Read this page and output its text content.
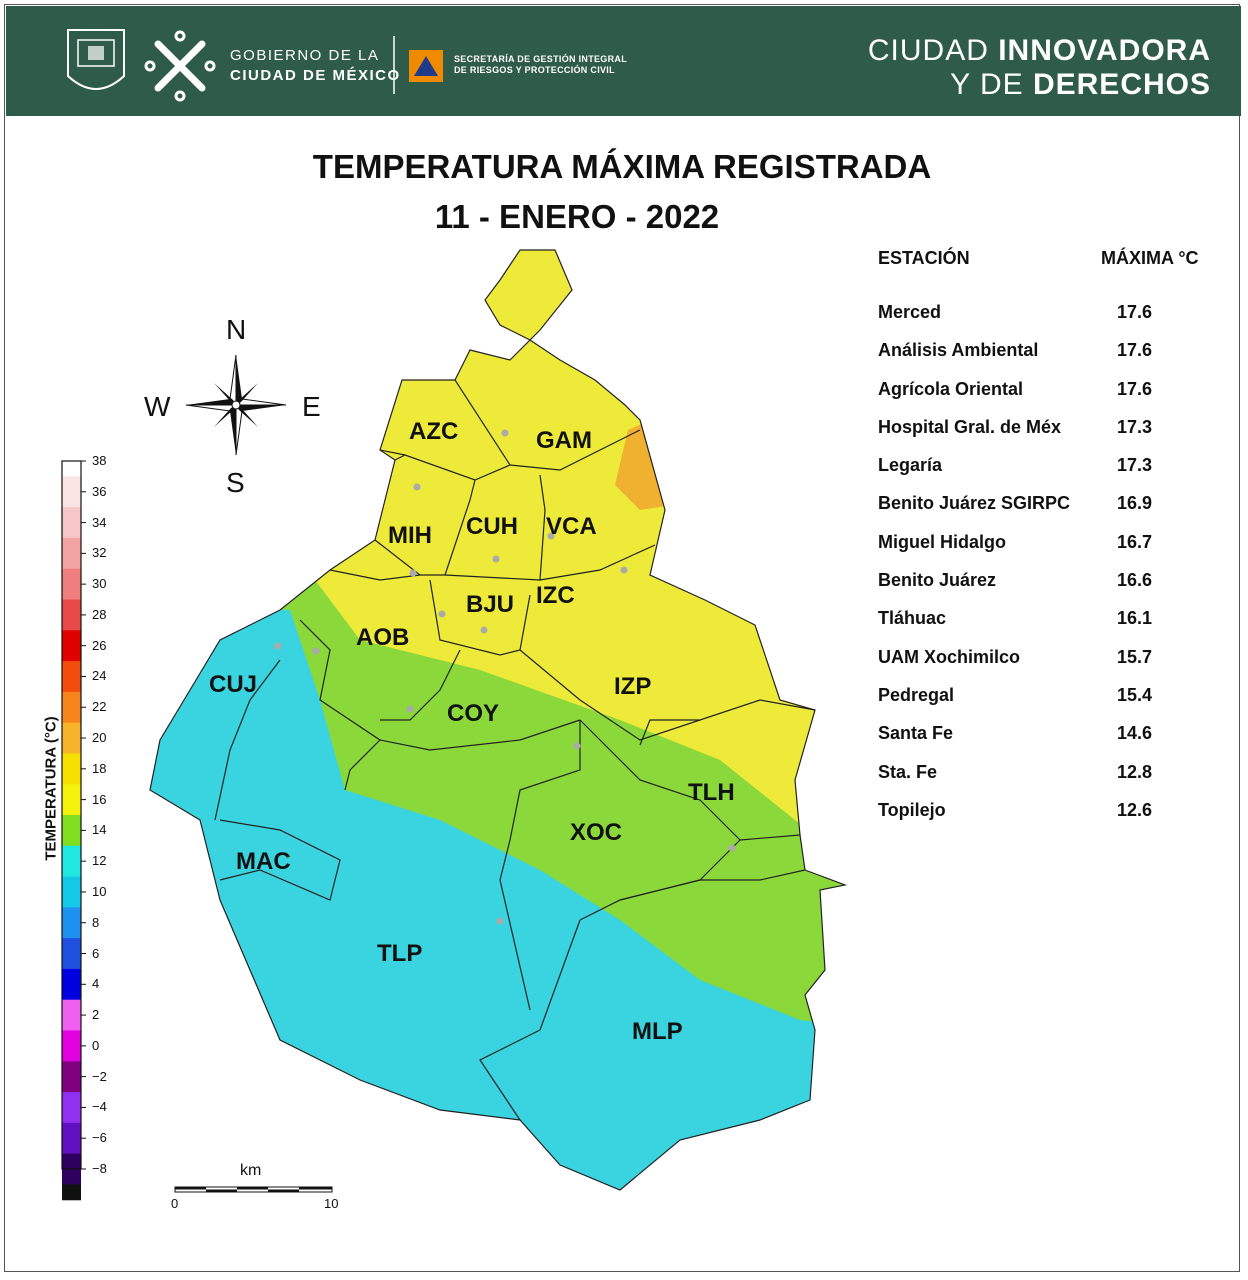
GOBIERNO DE LA
CIUDAD DE MÉXICO
SECRETARÍA DE GESTIÓN INTEGRAL
DE RIESGOS Y PROTECCIÓN CIVIL
CIUDAD INNOVADORA
Y DE DERECHOS
TEMPERATURA MÁXIMA REGISTRADA
11 - ENERO - 2022
N
S
E
W
AZC	GAM
MIH CUH VCA
BJU IZC
AOB
CUJ	IZP
COY
TLH
XOC
MAC
TLP
MLP
38
36
34
32
30
28
26
24
22
20
18
16
14
12
10
8
6
4
2
0
−2
−4
−6
−8
TEMPERATURA (°C)
km
0	10
ESTACIÓN	MÁXIMA °C
Merced	17.6
Análisis Ambiental	17.6
Agrícola Oriental	17.6
Hospital Gral. de Méx	17.3
Legaría	17.3
Benito Juárez SGIRPC	16.9
Miguel Hidalgo	16.7
Benito Juárez	16.6
Tláhuac	16.1
UAM Xochimilco	15.7
Pedregal	15.4
Santa Fe	14.6
Sta. Fe	12.8
Topilejo	12.6
